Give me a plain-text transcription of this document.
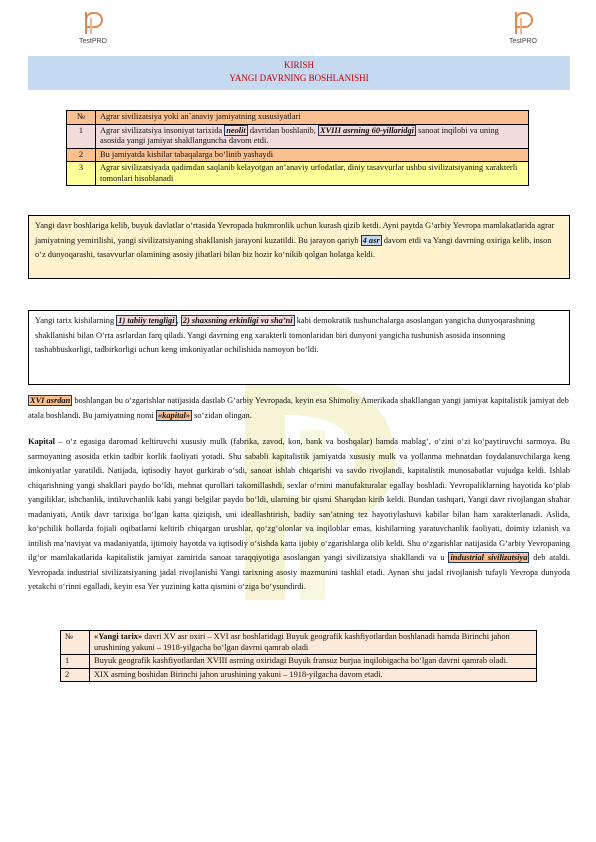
TestPRO	TestPRO
KIRISH
YANGI DAVRNING BOSHLANISHI
№	Agrar sivilizatsiya yoki an`anaviy jamiyatning xususiyatlari
1	Agrar sivilizatsiya insoniyat tarixida neolit davridan boshlanib, XVIII asrning 60-yillaridgi sanoat inqilobi va uning asosida yangi jamiyat shakllanguncha davom etdi.
2	Bu jamiyatda kishilar tabaqalarga bo‘linib yashaydi
3	Agrar sivilizatsiyada qadimdan saqlanib kelayotgan an’anaviy urfodatlar, diniy tasavvurlar ushbu sivilizatsiyaning xarakterli tomonlari hisoblanadi
Yangi davr boshlariga kelib, buyuk davlatlar o‘rtasida Yevropada hukmronlik uchun kurash qizib ketdi. Ayni paytda G‘arbiy Yevropa mamlakatlarida agrar jamiyatning yemirilishi, yangi sivilizatsiyaning shakllanish jarayoni kuzatildi. Bu jarayon qariyb 4 asr davom etdi va Yangi davrning oxiriga kelib, inson o‘z dunyoqarashi, tasavvurlar olamining asosiy jihatlari bilan biz hozir ko‘nikib qolgan holatga keldi.
Yangi tarix kishilarning 1) tabiiy tengligi , 2) shaxsning erkinligi va sha’ni kabi demokratik tushunchalarga asoslangan yangicha dunyoqarashning shakllanishi bilan O‘rta asrlardan farq qiladi. Yangi davrning eng xarakterli tomonlaridan biri dunyoni yangicha tushunish asosida insonning tashabbuskorligi, tadbirkorligi uchun keng imkoniyatlar ochilishida namoyon bo‘ldi.
XVI asrdan boshlangan bu o‘zgarishlar natijasida dastlab G‘arbiy Yevropada, keyin esa Shimoliy Amerikada shakllangan yangi jamiyat kapitalistik jamiyat deb atala boshlandi. Bu jamiyatning nomi «kapital» so‘zidan olingan.
Kapital – o‘z egasiga daromad keltiruvchi xususiy mulk (fabrika, zavod, kon, bank va boshqalar) hamda mablag‘, o‘zini o‘zi ko‘paytiruvchi sarmoya. Bu sarmoyaning asosida erkin tadbir korlik faoliyati yotadi. Shu sababli kapitalistik jamiyatda xususiy mulk va yollanma mehnatdan foydalanuvchilarga keng imkoniyatlar yaratildi. Natijada, iqtisodiy hayot gurkirab o‘sdi, sanoat ishlab chiqarishi va savdo rivojlandi, kapitalistik munosabatlar vujudga keldi. Ishlab chiqarishning yangi shakllari paydo bo‘ldi, mehnat qurollari takomillashdi, sexlar o‘rnini manufakturalar egallay boshladi. Yevropaliklarning hayotida ko‘plab yangiliklar, ishchanlik, intiluvchanlik kabi yangi belgilar paydo bo‘ldi, ularning bir qismi Sharqdan kirib keldi. Bundan tashqari, Yangi davr rivojlangan shahar madaniyati, Antik davr tarixiga bo‘lgan katta qiziqish, uni ideallashtirish, badiiy san’atning tez hayotiylashuvi kabilar bilan ham xarakterlanadi. Aslida, ko‘pchilik hollarda fojiali oqibatlarni keltirib chiqargan urushlar, qo‘zg‘olonlar va inqiloblar emas, kishilarning yaratuvchanlik faoliyati, doimiy izlanish va intilish ma’naviyat va madaniyatda, ijtimoiy hayotda va iqtisodiy o‘sishda katta ijobiy o‘zgarishlarga olib keldi. Shu o‘zgarishlar natijasida G‘arbiy Yevropaning ilg‘or mamlakatlarida kapitalistik jamiyat zamirida sanoat taraqqiyotiga asoslangan yangi sivilizatsiya shakllandi va u industrial sivilizatsiya deb ataldi. Yevropada industrial sivilizatsiyaning jadal rivojlanishi Yangi tarixning asosiy mazmunini tashkil etadi. Aynan shu jadal rivojlanish tufayli Yevropa dunyoda yetakchi o‘rinni egalladi, keyin esa Yer yuzining katta qismini o‘ziga bo‘ysundirdi.
№	«Yangi tarix» davri XV asr oxiri – XVI asr boshlaridagi Buyuk geografik kashfiyotlardan boshlanadi hamda Birinchi jahon urushining yakuni – 1918-yilgacha bo‘lgan davrni qamrab oladi
1	Buyuk geografik kashfiyotlardan XVIII asrning oxiridagi Buyuk fransuz burjua inqilobigacha bo‘lgan davrni qamrab oladi.
2	XIX asrning boshidan Birinchi jahon urushining yakuni – 1918-yilgacha davom etadi.
